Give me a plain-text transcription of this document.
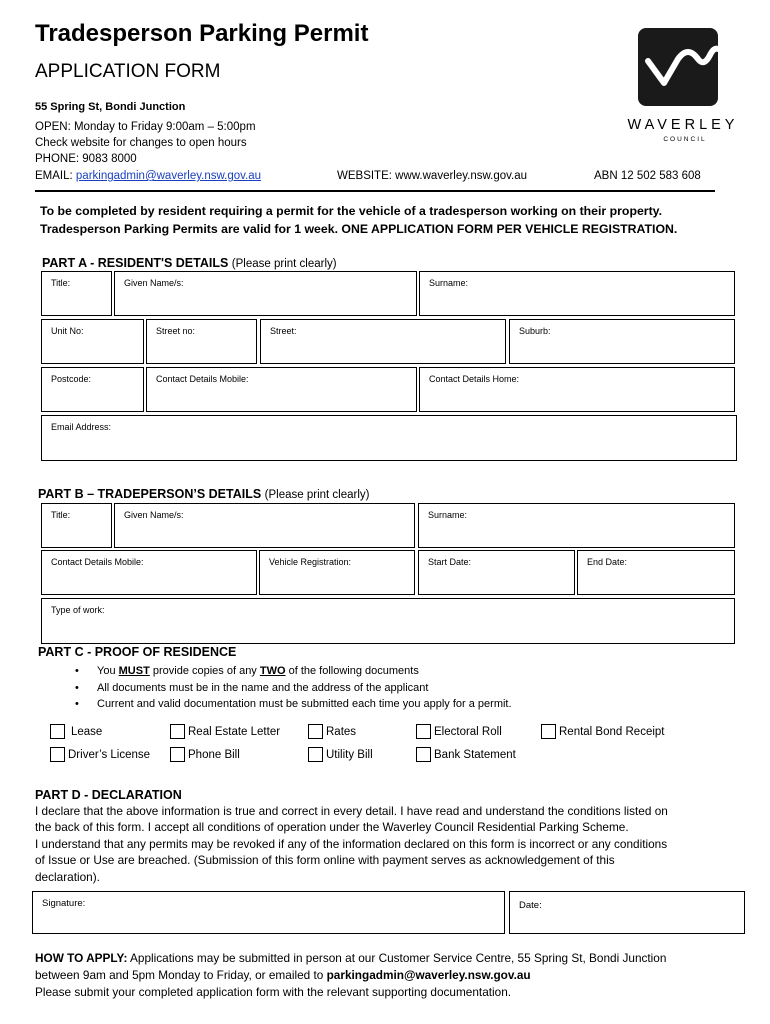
Tradesperson Parking Permit
APPLICATION FORM
55 Spring St, Bondi Junction
OPEN: Monday to Friday 9:00am – 5:00pm
Check website for changes to open hours
PHONE: 9083 8000
EMAIL: parkingadmin@waverley.nsw.gov.au	WEBSITE: www.waverley.nsw.gov.au	ABN 12 502 583 608
WAVERLEY
COUNCIL
To be completed by resident requiring a permit for the vehicle of a tradesperson working on their property.
Tradesperson Parking Permits are valid for 1 week. ONE APPLICATION FORM PER VEHICLE REGISTRATION.
PART A - RESIDENT'S DETAILS (Please print clearly)
Title:	Given Name/s:	Surname:
Unit No:	Street no:	Street:	Suburb:
Postcode:	Contact Details Mobile:	Contact Details Home:
Email Address:
PART B – TRADEPERSON’S DETAILS (Please print clearly)
Title:	Given Name/s:	Surname:
Contact Details Mobile:	Vehicle Registration:	Start Date:	End Date:
Type of work:
PART C - PROOF OF RESIDENCE
• You MUST provide copies of any TWO of the following documents
• All documents must be in the name and the address of the applicant
• Current and valid documentation must be submitted each time you apply for a permit.
Lease	Real Estate Letter	Rates	Electoral Roll	Rental Bond Receipt
Driver’s License	Phone Bill	Utility Bill	Bank Statement
PART D - DECLARATION
I declare that the above information is true and correct in every detail. I have read and understand the conditions listed on
the back of this form. I accept all conditions of operation under the Waverley Council Residential Parking Scheme.
I understand that any permits may be revoked if any of the information declared on this form is incorrect or any conditions
of Issue or Use are breached. (Submission of this form online with payment serves as acknowledgement of this
declaration).
Signature:	Date:
HOW TO APPLY: Applications may be submitted in person at our Customer Service Centre, 55 Spring St, Bondi Junction
between 9am and 5pm Monday to Friday, or emailed to parkingadmin@waverley.nsw.gov.au
Please submit your completed application form with the relevant supporting documentation.
